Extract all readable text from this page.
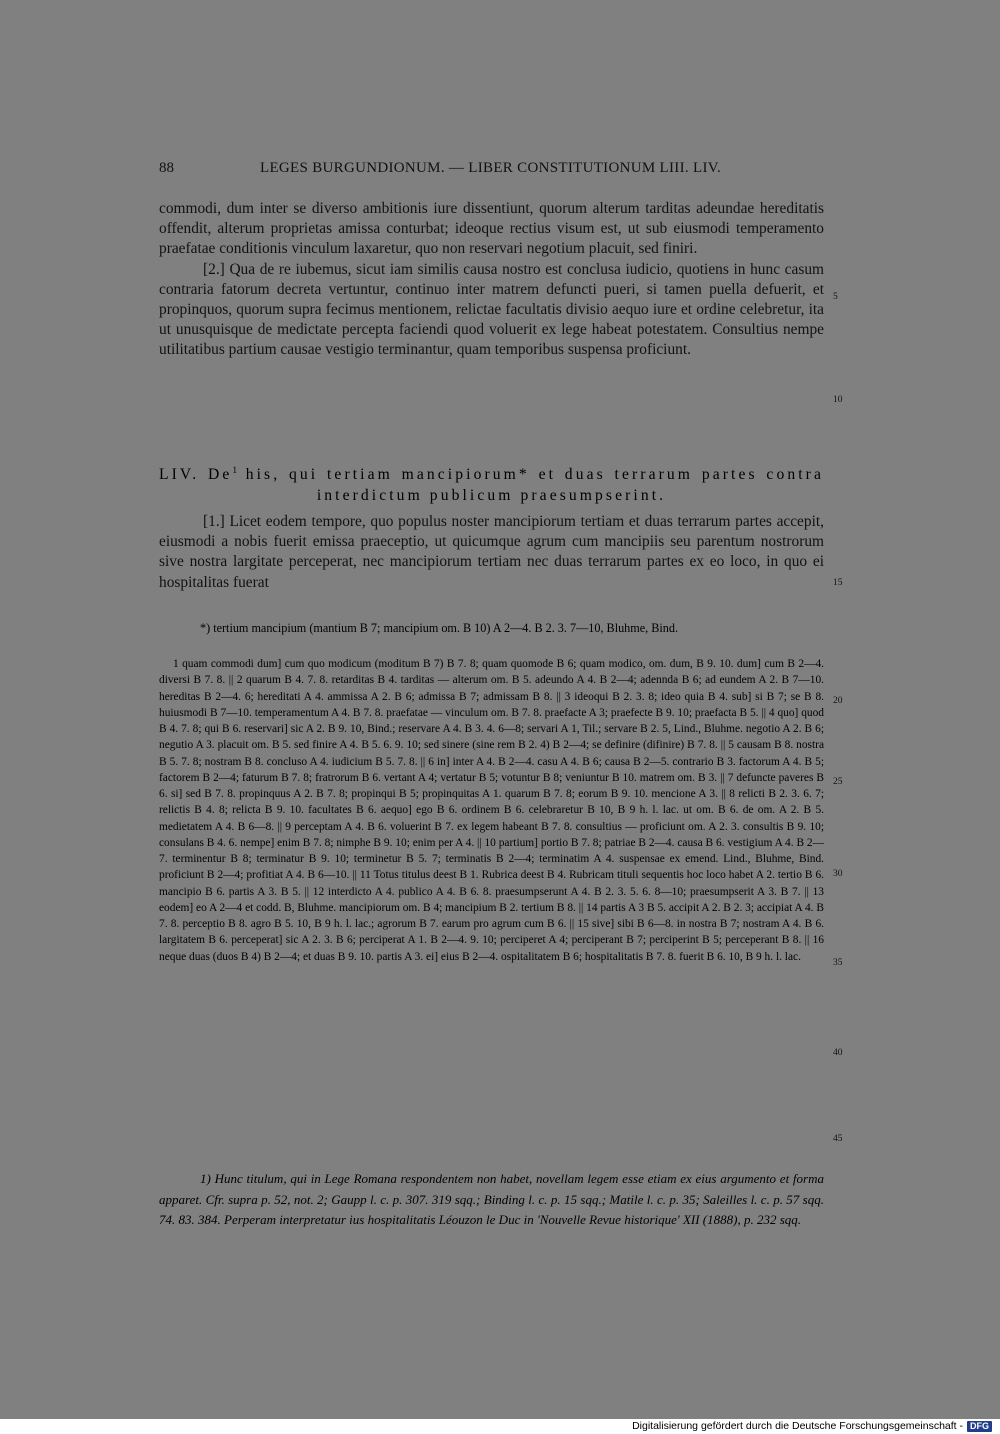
88	LEGES BURGUNDIONUM. — LIBER CONSTITUTIONUM LIII. LIV.

commodi, dum inter se diverso ambitionis iure dissentiunt, quorum alterum tarditas adeundae hereditatis offendit, alterum proprietas amissa conturbat; ideoque rectius visum est, ut sub eiusmodi temperamento praefatae conditionis vinculum laxaretur, quo non reservari negotium placuit, sed finiri.

[2.] Qua de re iubemus, sicut iam similis causa nostro est conclusa iudicio, quotiens in hunc casum contraria fatorum decreta vertuntur, continuo inter matrem defuncti pueri, si tamen puella defuerit, et propinquos, quorum supra fecimus mentionem, relictae facultatis divisio aequo iure et ordine celebretur, ita ut unusquisque de medictate percepta faciendi quod voluerit ex lege habeat potestatem. Consultius nempe utilitatibus partium causae vestigio terminantur, quam temporibus suspensa proficiunt.

5
10
LIV. De$^1$ his, qui tertiam mancipiorum* et duas terrarum partes contra
interdictum publicum praesumpserint.

[1.] Licet eodem tempore, quo populus noster mancipiorum tertiam et duas terrarum partes accepit, eiusmodi a nobis fuerit emissa praeceptio, ut quicumque agrum cum mancipiis seu parentum nostrorum sive nostra largitate perceperat, nec mancipiorum tertiam nec duas terrarum partes ex eo loco, in quo ei hospitalitas fuerat	15
*) tertium mancipium (mantium B 7; mancipium om. B 10) A 2—4. B 2. 3. 7—10, Bluhme, Bind.

1 quam commodi dum] cum quo modicum (moditum B 7) B 7. 8; quam quomode B 6; quam modico, om. dum, B 9. 10. dum] cum B 2—4. diversi B 7. 8. || 2 quarum B 4. 7. 8. retarditas B 4. tarditas — alterum om. B 5. adeundo A 4. B 2—4; adennda B 6; ad eundem A 2. B 7—10. hereditas B 2—4. 6; hereditati A 4. ammissa A 2. B 6; admissa B 7; admissam B 8. || 3 ideoqui B 2. 3. 8; ideo quia B 4. sub] si B 7; se B 8. huiusmodi B 7—10. temperamentum A 4. B 7. 8. praefatae — vinculum om. B 7. 8. praefacte A 3; praefecte B 9. 10; praefacta B 5. || 4 quo] quod B 4. 7. 8; qui B 6. reservari] sic A 2. B 9. 10, Bind.; reservare A 4. B 3. 4. 6—8; servari A 1, Til.; servare B 2. 5, Lind., Bluhme. negotio A 2. B 6; negutio A 3. placuit om. B 5. sed finire A 4. B 5. 6. 9. 10; sed sinere (sine rem B 2. 4) B 2—4; se definire (difinire) B 7. 8. || 5 causam B 8. nostra B 5. 7. 8; nostram B 8. concluso A 4. iudicium B 5. 7. 8. || 6 in] inter A 4. B 2—4. casu A 4. B 6; causa B 2—5. contrario B 3. factorum A 4. B 5; factorem B 2—4; faturum B 7. 8; fratrorum B 6. vertant A 4; vertatur B 5; votuntur B 8; veniuntur B 10. matrem om. B 3. || 7 defuncte paveres B 6. si] sed B 7. 8. propinquus A 2. B 7. 8; propinqui B 5; propinquitas A 1. quarum B 7. 8; eorum B 9. 10. mencione A 3. || 8 relicti B 2. 3. 6. 7; relictis B 4. 8; relicta B 9. 10. facultates B 6. aequo] ego B 6. ordinem B 6. celebraretur B 10, B 9 h. l. lac. ut om. B 6. de om. A 2. B 5. medietatem A 4. B 6—8. || 9 perceptam A 4. B 6. voluerint B 7. ex legem habeant B 7. 8. consultius — proficiunt om. A 2. 3. consultis B 9. 10; consulans B 4. 6. nempe] enim B 7. 8; nimphe B 9. 10; enim per A 4. || 10 partium] portio B 7. 8; patriae B 2—4. causa B 6. vestigium A 4. B 2—7. terminentur B 8; terminatur B 9. 10; terminetur B 5. 7; terminatis B 2—4; terminatim A 4. suspensae ex emend. Lind., Bluhme, Bind. proficiunt B 2—4; profitiat A 4. B 6—10. || 11 Totus titulus deest B 1. Rubrica deest B 4. Rubricam tituli sequentis hoc loco habet A 2. tertio B 6. mancipio B 6. partis A 3. B 5. || 12 interdicto A 4. publico A 4. B 6. 8. praesumpserunt A 4. B 2. 3. 5. 6. 8—10; praesumpserit A 3. B 7. || 13 eodem] eo A 2—4 et codd. B, Bluhme. mancipiorum om. B 4; mancipium B 2. tertium B 8. || 14 partis A 3 B 5. accipit A 2. B 2. 3; accipiat A 4. B 7. 8. perceptio B 8. agro B 5. 10, B 9 h. l. lac.; agrorum B 7. earum pro agrum cum B 6. || 15 sive] sibi B 6—8. in nostra B 7; nostram A 4. B 6. largitatem B 6. perceperat] sic A 2. 3. B 6; perciperat A 1. B 2—4. 9. 10; perciperet A 4; perciperant B 7; perciperint B 5; perceperant B 8. || 16 neque duas (duos B 4) B 2—4; et duas B 9. 10. partis A 3. ei] eius B 2—4. ospitalitatem B 6; hospitalitatis B 7. 8. fuerit B 6. 10, B 9 h. l. lac.

20
25
30
35
40
45

1) Hunc titulum, qui in Lege Romana respondentem non habet, novellam legem esse etiam ex eius argumento et forma apparet. Cfr. supra p. 52, not. 2; Gaupp l. c. p. 307. 319 sqq.; Binding l. c. p. 15 sqq.; Matile l. c. p. 35; Saleilles l. c. p. 57 sqq. 74. 83. 384. Perperam interpretatur ius hospitalitatis Léouzon le Duc in 'Nouvelle Revue historique' XII (1888), p. 232 sqq.

Digitalisierung gefördert durch die Deutsche Forschungsgemeinschaft - DFG
